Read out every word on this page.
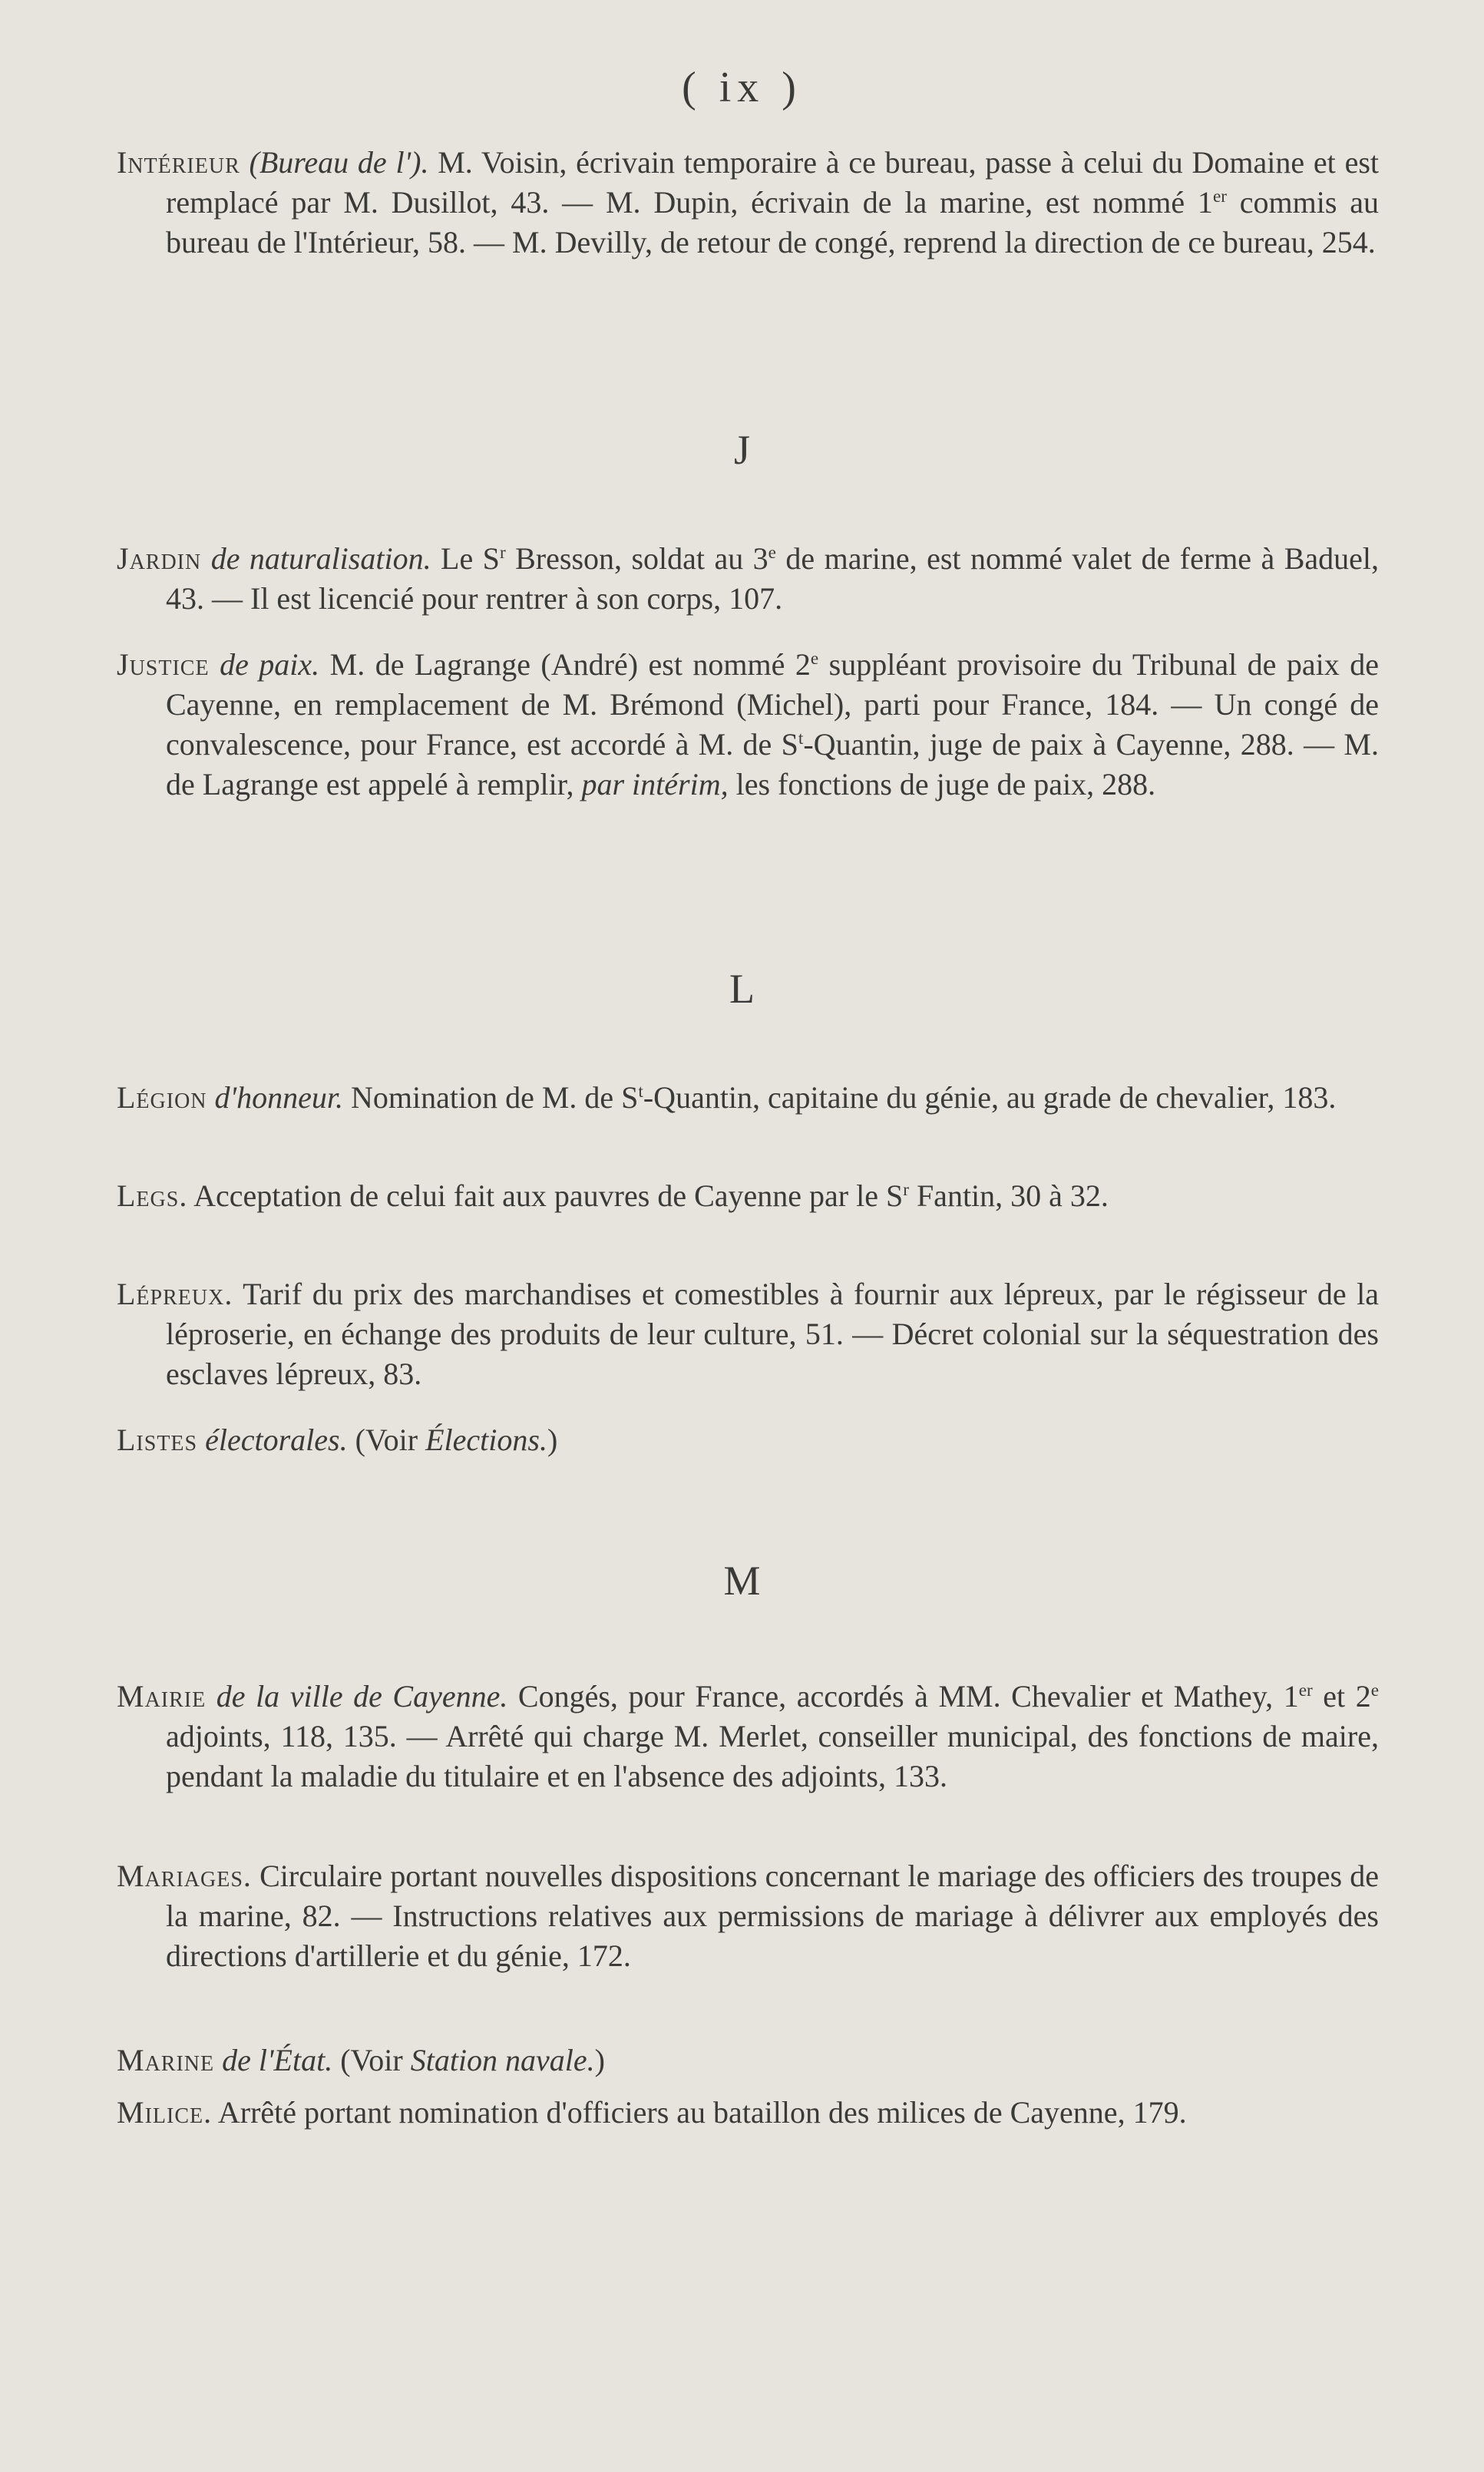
( ix )

Intérieur (Bureau de l'). M. Voisin, écrivain temporaire à ce bureau, passe à celui du Domaine et est remplacé par M. Dusillot, 43. — M. Dupin, écrivain de la marine, est nommé 1er commis au bureau de l'Intérieur, 58. — M. Devilly, de retour de congé, reprend la direction de ce bureau, 254.

J

Jardin de naturalisation. Le $S^r$ Bresson, soldat au 3e de marine, est nommé valet de ferme à Baduel, 43. — Il est licencié pour rentrer à son corps, 107.

Justice de paix. M. de Lagrange (André) est nommé 2e suppléant provisoire du Tribunal de paix de Cayenne, en remplacement de M. Brémond (Michel), parti pour France, 184. — Un congé de convalescence, pour France, est accordé à M. de $S^t$-Quantin, juge de paix à Cayenne, 288. — M. de Lagrange est appelé à remplir, par intérim, les fonctions de juge de paix, 288.

L

Légion d'honneur. Nomination de M. de $S^t$-Quantin, capitaine du génie, au grade de chevalier, 183.

Legs. Acceptation de celui fait aux pauvres de Cayenne par le $S^r$ Fantin, 30 à 32.

Lépreux. Tarif du prix des marchandises et comestibles à fournir aux lépreux, par le régisseur de la léproserie, en échange des produits de leur culture, 51. — Décret colonial sur la séquestration des esclaves lépreux, 83.

Listes électorales. (Voir Élections.)

M

Mairie de la ville de Cayenne. Congés, pour France, accordés à MM. Chevalier et Mathey, 1er et 2e adjoints, 118, 135. — Arrêté qui charge M. Merlet, conseiller municipal, des fonctions de maire, pendant la maladie du titulaire et en l'absence des adjoints, 133.

Mariages. Circulaire portant nouvelles dispositions concernant le mariage des officiers des troupes de la marine, 82. — Instructions relatives aux permissions de mariage à délivrer aux employés des directions d'artillerie et du génie, 172.

Marine de l'État. (Voir Station navale.)

Milice. Arrêté portant nomination d'officiers au bataillon des milices de Cayenne, 179.
